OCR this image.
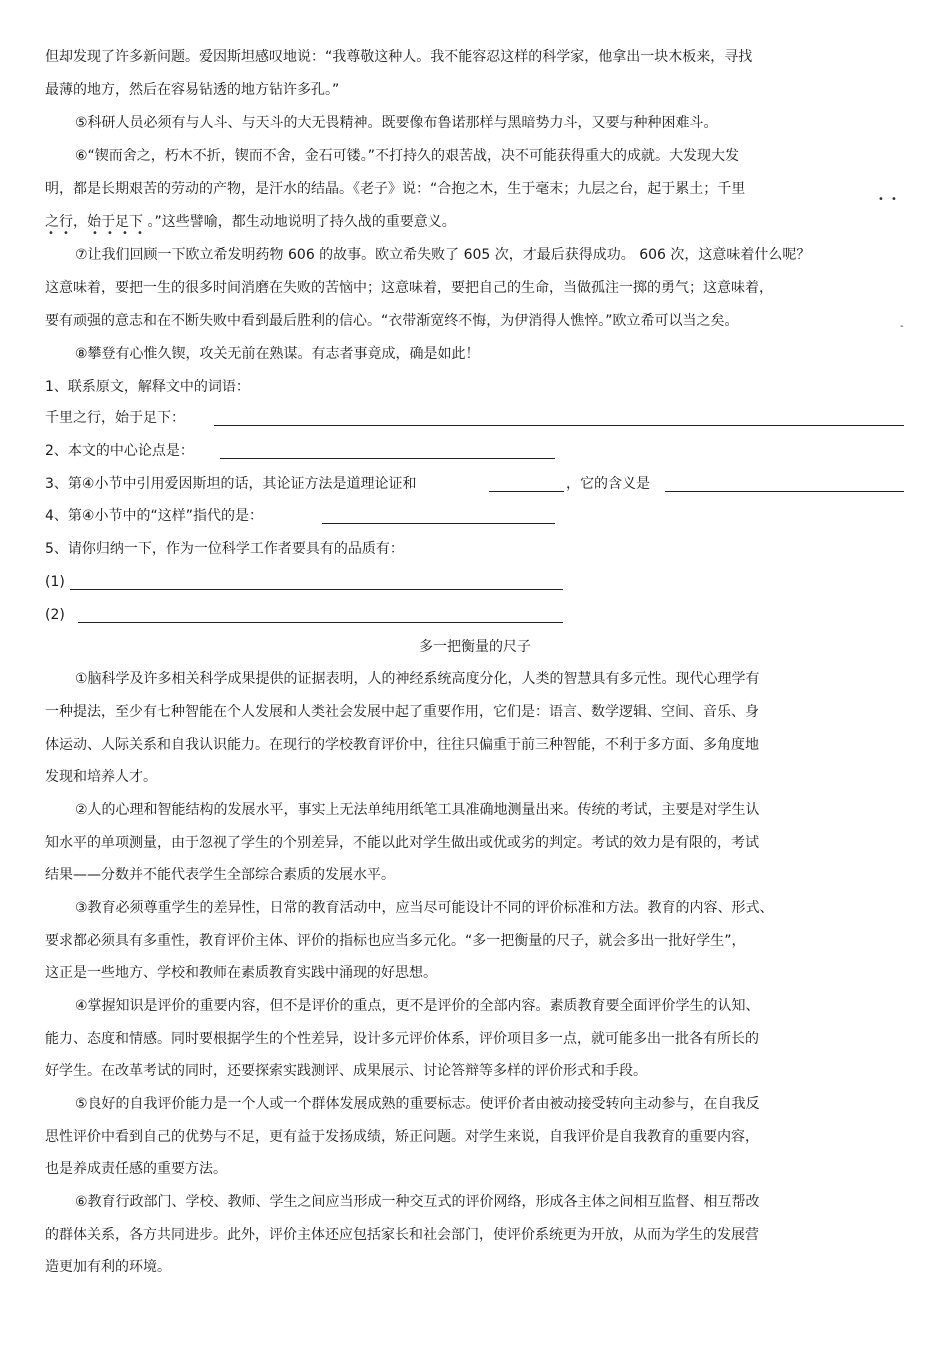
但却发现了许多新问题。爱因斯坦感叹地说：“我尊敬这种人。我不能容忍这样的科学家，他拿出一块木板来，寻找
最薄的地方，然后在容易钻透的地方钻许多孔。”
⑤科研人员必须有与人斗、与天斗的大无畏精神。既要像布鲁诺那样与黑暗势力斗，又要与种种困难斗。
⑥“锲而舍之，朽木不折，锲而不舍，金石可镂。”不打持久的艰苦战，决不可能获得重大的成就。大发现大发
明，都是长期艰苦的劳动的产物，是汗水的结晶。《老子》说：“合抱之木，生于毫末；九层之台，起于累土；千里
• •
之行，始于足下 。”这些譬喻，都生动地说明了持久战的重要意义。
• • • • • •
⑦让我们回顾一下欧立希发明药物 606 的故事。欧立希失败了 605 次，才最后获得成功。 606 次，这意味着什么呢？
这意味着，要把一生的很多时间消磨在失败的苦恼中；这意味着，要把自己的生命，当做孤注一掷的勇气；这意味着，
要有顽强的意志和在不断失败中看到最后胜利的信心。“衣带渐宽终不悔，为伊消得人憔悴。”欧立希可以当之矣。	-
⑧攀登有心惟久锲，攻关无前在熟谋。有志者事竟成，确是如此！
1、联系原文，解释文中的词语：
千里之行，始于足下：
2、本文的中心论点是：
3、第④小节中引用爱因斯坦的话，其论证方法是道理论证和	，它的含义是
4、第④小节中的“这样”指代的是：
5、请你归纳一下，作为一位科学工作者要具有的品质有：
(1)
(2)
多一把衡量的尺子
①脑科学及许多相关科学成果提供的证据表明，人的神经系统高度分化，人类的智慧具有多元性。现代心理学有
一种提法，至少有七种智能在个人发展和人类社会发展中起了重要作用，它们是：语言、数学逻辑、空间、音乐、身
体运动、人际关系和自我认识能力。在现行的学校教育评价中，往往只偏重于前三种智能，不利于多方面、多角度地
发现和培养人才。
②人的心理和智能结构的发展水平，事实上无法单纯用纸笔工具准确地测量出来。传统的考试，主要是对学生认
知水平的单项测量，由于忽视了学生的个别差异，不能以此对学生做出或优或劣的判定。考试的效力是有限的，考试
结果——分数并不能代表学生全部综合素质的发展水平。
③教育必须尊重学生的差异性，日常的教育活动中，应当尽可能设计不同的评价标准和方法。教育的内容、形式、
要求都必须具有多重性，教育评价主体、评价的指标也应当多元化。“多一把衡量的尺子，就会多出一批好学生”，
这正是一些地方、学校和教师在素质教育实践中涌现的好思想。
④掌握知识是评价的重要内容，但不是评价的重点，更不是评价的全部内容。素质教育要全面评价学生的认知、
能力、态度和情感。同时要根据学生的个性差异，设计多元评价体系，评价项目多一点，就可能多出一批各有所长的
好学生。在改革考试的同时，还要探索实践测评、成果展示、讨论答辩等多样的评价形式和手段。
⑤良好的自我评价能力是一个人或一个群体发展成熟的重要标志。使评价者由被动接受转向主动参与，在自我反
思性评价中看到自己的优势与不足，更有益于发扬成绩，矫正问题。对学生来说，自我评价是自我教育的重要内容，
也是养成责任感的重要方法。
⑥教育行政部门、学校、教师、学生之间应当形成一种交互式的评价网络，形成各主体之间相互监督、相互帮改
的群体关系，各方共同进步。此外，评价主体还应包括家长和社会部门，使评价系统更为开放，从而为学生的发展营
造更加有利的环境。
